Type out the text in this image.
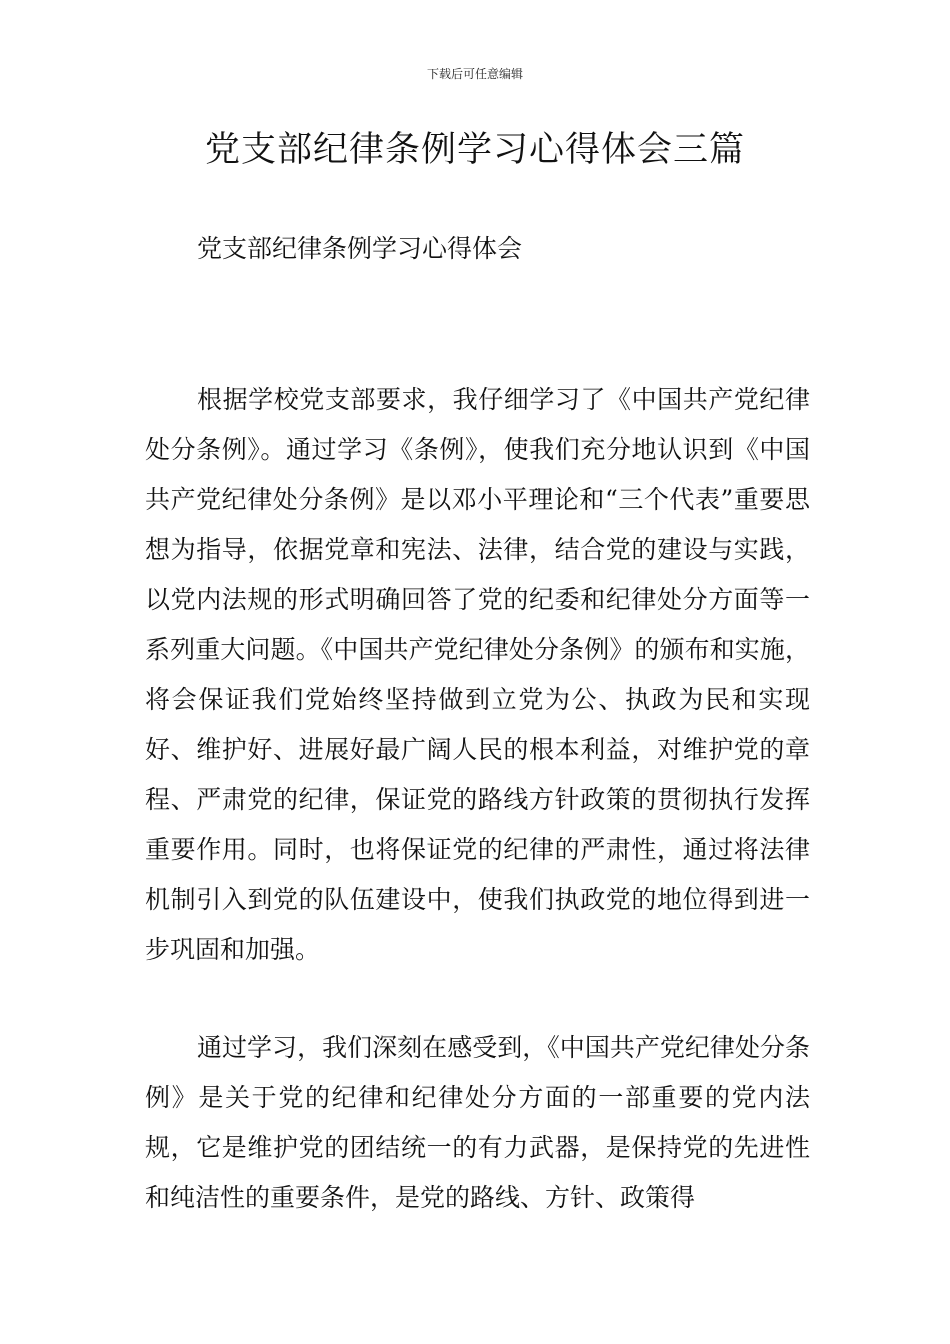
下载后可任意编辑
党支部纪律条例学习心得体会三篇

党支部纪律条例学习心得体会

根据学校党支部要求，我仔细学习了《中国共产党纪律处分条例》。通过学习《条例》，使我们充分地认识到《中国共产党纪律处分条例》是以邓小平理论和“三个代表”重要思想为指导，依据党章和宪法、法律，结合党的建设与实践，以党内法规的形式明确回答了党的纪委和纪律处分方面等一系列重大问题。《中国共产党纪律处分条例》的颁布和实施，将会保证我们党始终坚持做到立党为公、执政为民和实现好、维护好、进展好最广阔人民的根本利益，对维护党的章程、严肃党的纪律，保证党的路线方针政策的贯彻执行发挥重要作用。同时，也将保证党的纪律的严肃性，通过将法律机制引入到党的队伍建设中，使我们执政党的地位得到进一步巩固和加强。

通过学习，我们深刻在感受到，《中国共产党纪律处分条例》是关于党的纪律和纪律处分方面的一部重要的党内法规，它是维护党的团结统一的有力武器，是保持党的先进性和纯洁性的重要条件，是党的路线、方针、政策得
